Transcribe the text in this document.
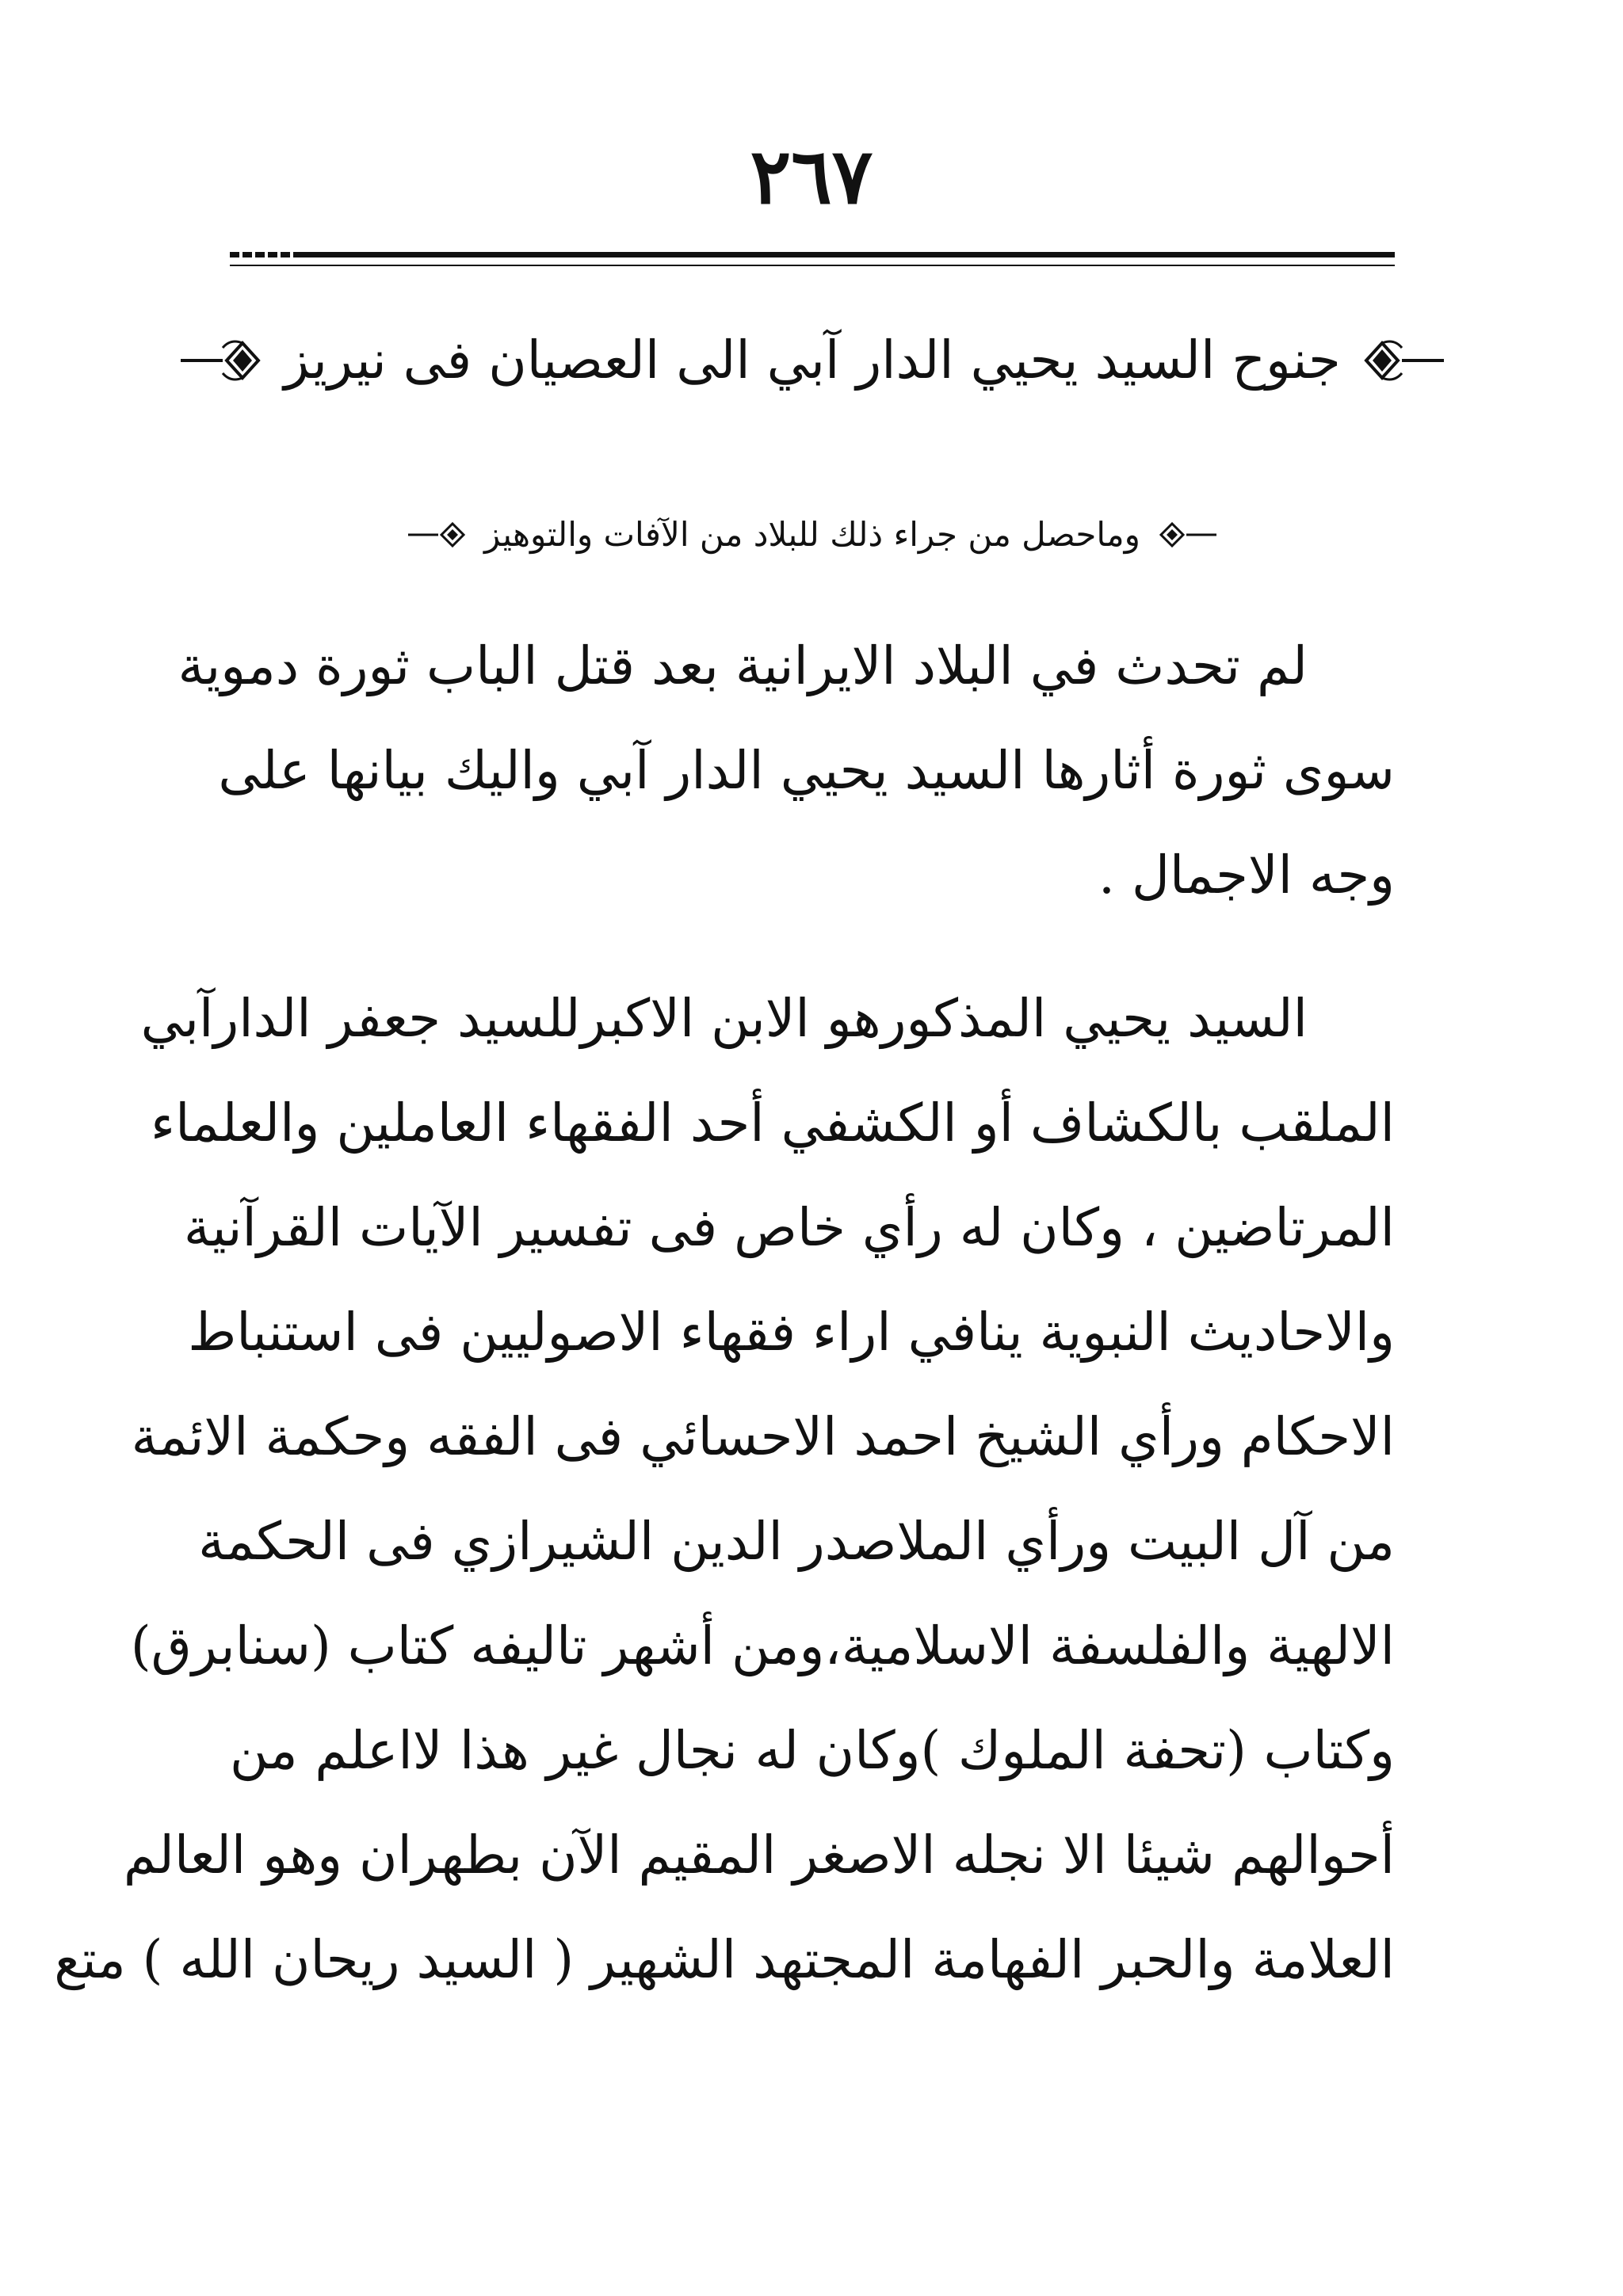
٢٦٧
جنوح السيد يحيي الدار آبي الى العصيان فى نيريز
وماحصل من جراء ذلك للبلاد من الآفات والتوهيز
لم تحدث في البلاد الايرانية بعد قتل الباب ثورة دموية
سوى ثورة أثارها السيد يحيي الدار آبي واليك بيانها على
وجه الاجمال .
السيد يحيي المذكورهو الابن الاكبرللسيد جعفر الدارآبي
الملقب بالكشاف أو الكشفي أحد الفقهاء العاملين والعلماء
المرتاضين ، وكان له رأي خاص فى تفسير الآيات القرآنية
والاحاديث النبوية ينافي اراء فقهاء الاصوليين فى استنباط
الاحكام ورأي الشيخ احمد الاحسائي فى الفقه وحكمة الائمة
من آل البيت ورأي الملاصدر الدين الشيرازي فى الحكمة
الالهية والفلسفة الاسلامية،ومن أشهر تاليفه كتاب (سنابرق)
وكتاب (تحفة الملوك )وكان له نجال غير هذا لااعلم من
أحوالهم شيئا الا نجله الاصغر المقيم الآن بطهران وهو العالم
العلامة والحبر الفهامة المجتهد الشهير ( السيد ريحان الله ) متع
